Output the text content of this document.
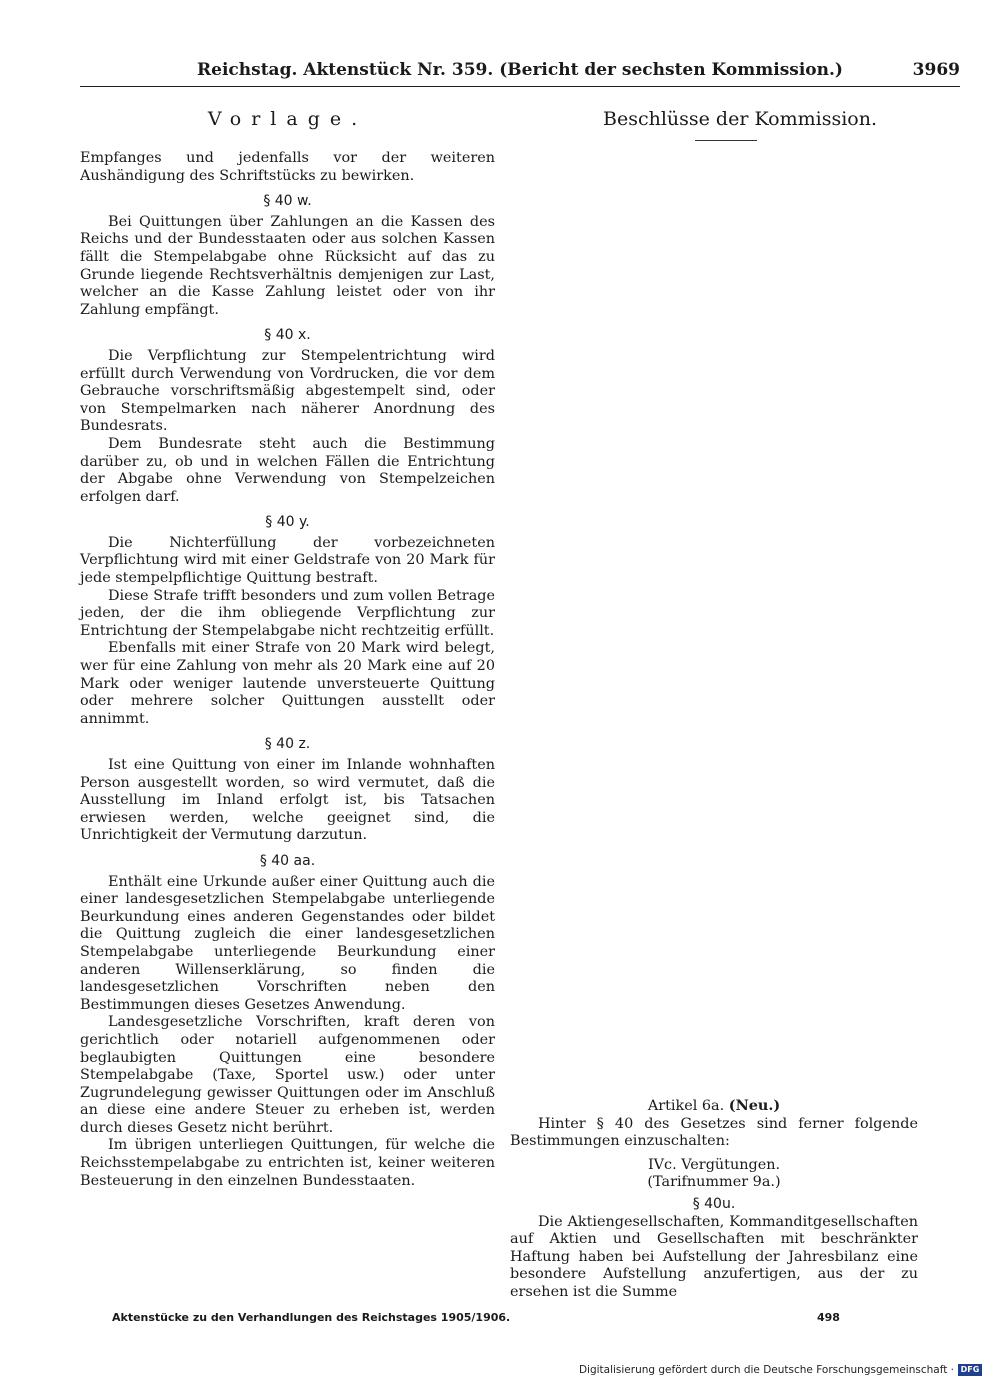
Reichstag. Aktenstück Nr. 359. (Bericht der sechsten Kommission.)	3969
Vorlage.	Beschlüsse der Kommission.

Empfanges und jedenfalls vor der weiteren Aushändigung des Schriftstücks zu bewirken.

§ 40 w.

Bei Quittungen über Zahlungen an die Kassen des Reichs und der Bundesstaaten oder aus solchen Kassen fällt die Stempelabgabe ohne Rücksicht auf das zu Grunde liegende Rechtsverhältnis demjenigen zur Last, welcher an die Kasse Zahlung leistet oder von ihr Zahlung empfängt.

§ 40 x.

Die Verpflichtung zur Stempelentrichtung wird erfüllt durch Verwendung von Vordrucken, die vor dem Gebrauche vorschriftsmäßig abgestempelt sind, oder von Stempelmarken nach näherer Anordnung des Bundesrats.

Dem Bundesrate steht auch die Bestimmung darüber zu, ob und in welchen Fällen die Entrichtung der Abgabe ohne Verwendung von Stempelzeichen erfolgen darf.

§ 40 y.

Die Nichterfüllung der vorbezeichneten Verpflichtung wird mit einer Geldstrafe von 20 Mark für jede stempelpflichtige Quittung bestraft.

Diese Strafe trifft besonders und zum vollen Betrage jeden, der die ihm obliegende Verpflichtung zur Entrichtung der Stempelabgabe nicht rechtzeitig erfüllt.

Ebenfalls mit einer Strafe von 20 Mark wird belegt, wer für eine Zahlung von mehr als 20 Mark eine auf 20 Mark oder weniger lautende unversteuerte Quittung oder mehrere solcher Quittungen ausstellt oder annimmt.

§ 40 z.

Ist eine Quittung von einer im Inlande wohnhaften Person ausgestellt worden, so wird vermutet, daß die Ausstellung im Inland erfolgt ist, bis Tatsachen erwiesen werden, welche geeignet sind, die Unrichtigkeit der Vermutung darzutun.

§ 40 aa.

Enthält eine Urkunde außer einer Quittung auch die einer landesgesetzlichen Stempelabgabe unterliegende Beurkundung eines anderen Gegenstandes oder bildet die Quittung zugleich die einer landesgesetzlichen Stempelabgabe unterliegende Beurkundung einer anderen Willenserklärung, so finden die landesgesetzlichen Vorschriften neben den Bestimmungen dieses Gesetzes Anwendung.

Landesgesetzliche Vorschriften, kraft deren von gerichtlich oder notariell aufgenommenen oder beglaubigten Quittungen eine besondere Stempelabgabe (Taxe, Sportel usw.) oder unter Zugrundelegung gewisser Quittungen oder im Anschluß an diese eine andere Steuer zu erheben ist, werden durch dieses Gesetz nicht berührt.

Im übrigen unterliegen Quittungen, für welche die Reichsstempelabgabe zu entrichten ist, keiner weiteren Besteuerung in den einzelnen Bundesstaaten.

Artikel 6a. (Neu.)

Hinter § 40 des Gesetzes sind ferner folgende Bestimmungen einzuschalten:

IVc. Vergütungen.

(Tarifnummer 9a.)

§ 40u.

Die Aktiengesellschaften, Kommanditgesellschaften auf Aktien und Gesellschaften mit beschränkter Haftung haben bei Aufstellung der Jahresbilanz eine besondere Aufstellung anzufertigen, aus der zu ersehen ist die Summe

Aktenstücke zu den Verhandlungen des Reichstages 1905/1906.	498
Digitalisierung gefördert durch die Deutsche Forschungsgemeinschaft · DFG
